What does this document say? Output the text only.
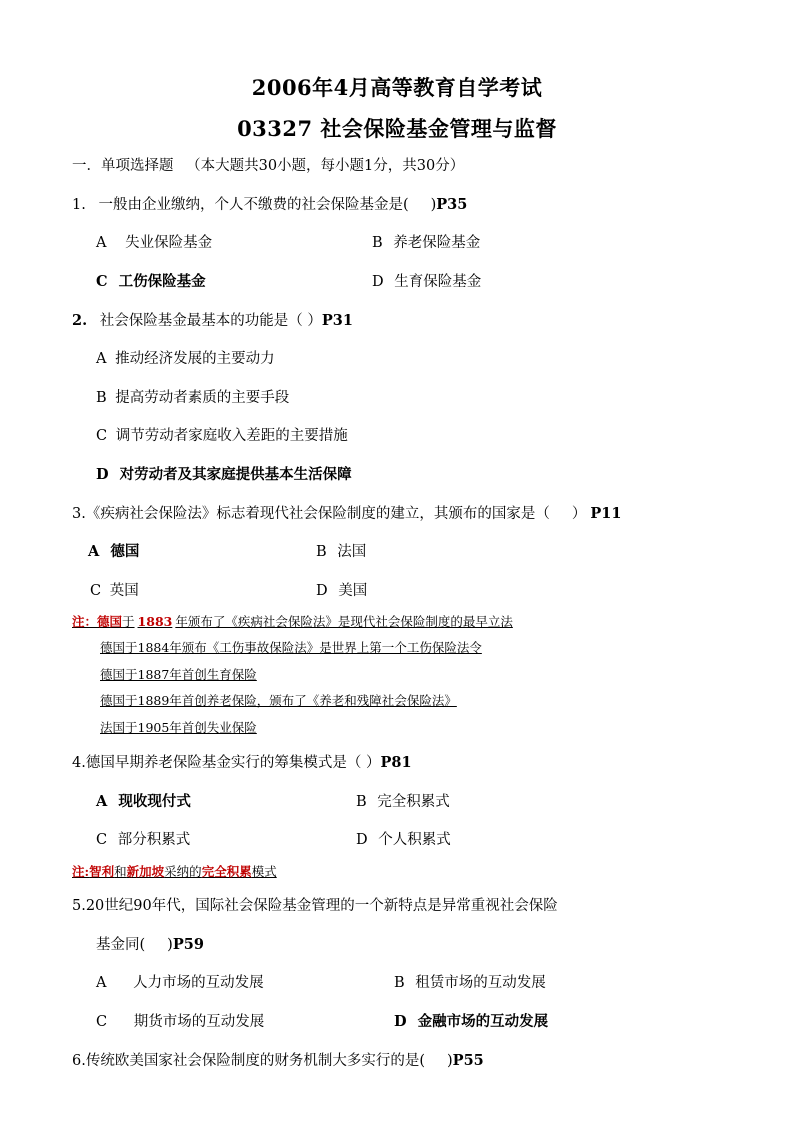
2006年4月高等教育自学考试
03327 社会保险基金管理与监督
一．单项选择题 （本大题共30小题，每小题1分，共30分）
1. 一般由企业缴纳，个人不缴费的社会保险基金是( )P35
A 失业保险基金	B 养老保险基金
C 工伤保险基金	D 生育保险基金
2. 社会保险基金最基本的功能是（ ）P31
A 推动经济发展的主要动力
B 提高劳动者素质的主要手段
C 调节劳动者家庭收入差距的主要措施
D 对劳动者及其家庭提供基本生活保障
3.《疾病社会保险法》标志着现代社会保险制度的建立，其颁布的国家是（ ） P11
A 德国	B 法国
C 英国	D 美国
注：德国于 1883 年颁布了《疾病社会保险法》是现代社会保险制度的最早立法
德国于1884年颁布《工伤事故保险法》是世界上第一个工伤保险法令
德国于1887年首创生育保险
德国于1889年首创养老保险，颁布了《养老和残障社会保险法》
法国于1905年首创失业保险
4.德国早期养老保险基金实行的筹集模式是（ ）P81
A 现收现付式	B 完全积累式
C 部分积累式	D 个人积累式
注:智利和新加坡采纳的完全积累模式
5.20世纪90年代，国际社会保险基金管理的一个新特点是异常重视社会保险
基金同( )P59
A 人力市场的互动发展	B 租赁市场的互动发展
C 期货市场的互动发展	D 金融市场的互动发展
6.传统欧美国家社会保险制度的财务机制大多实行的是( )P55
